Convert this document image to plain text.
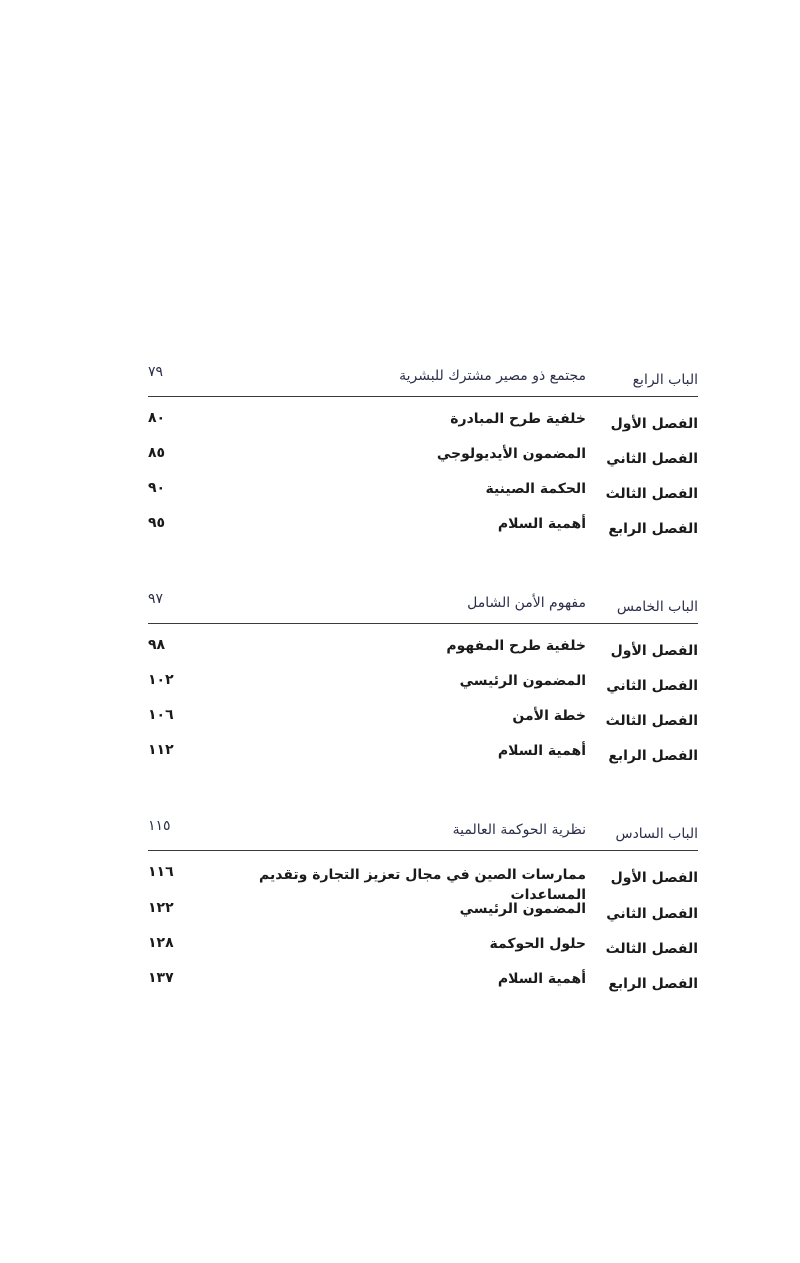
الباب الرابع
مجتمع ذو مصير مشترك للبشرية
٧٩
الفصل الأول
خلفية طرح المبادرة
٨٠
الفصل الثاني
المضمون الأيديولوجي
٨٥
الفصل الثالث
الحكمة الصينية
٩٠
الفصل الرابع
أهمية السلام
٩٥
الباب الخامس
مفهوم الأمن الشامل
٩٧
الفصل الأول
خلفية طرح المفهوم
٩٨
الفصل الثاني
المضمون الرئيسي
١٠٢
الفصل الثالث
خطة الأمن
١٠٦
الفصل الرابع
أهمية السلام
١١٢
الباب السادس
نظرية الحوكمة العالمية
١١٥
الفصل الأول
ممارسات الصين في مجال تعزيز التجارة وتقديم المساعدات
١١٦
الفصل الثاني
المضمون الرئيسي
١٢٢
الفصل الثالث
حلول الحوكمة
١٢٨
الفصل الرابع
أهمية السلام
١٣٧
